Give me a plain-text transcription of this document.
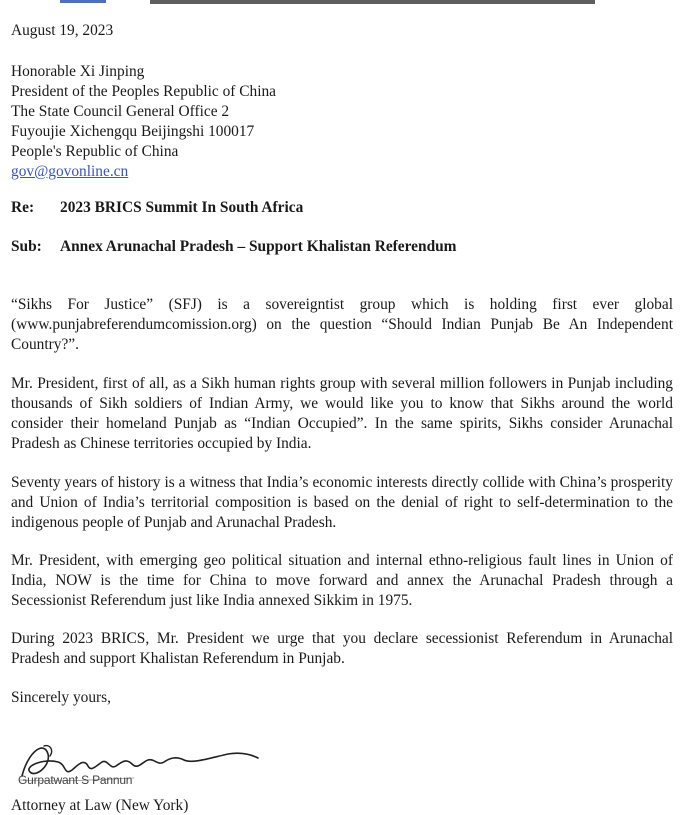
August 19, 2023
Honorable Xi Jinping
President of the Peoples Republic of China
The State Council General Office 2
Fuyoujie Xichengqu Beijingshi 100017
People's Republic of China
gov@govonline.cn
Re: 2023 BRICS Summit In South Africa
Sub: Annex Arunachal Pradesh – Support Khalistan Referendum
“Sikhs For Justice” (SFJ) is a sovereigntist group which is holding first ever global (www.punjabreferendumcomission.org) on the question “Should Indian Punjab Be An Independent Country?”.
Mr. President, first of all, as a Sikh human rights group with several million followers in Punjab including thousands of Sikh soldiers of Indian Army, we would like you to know that Sikhs around the world consider their homeland Punjab as “Indian Occupied”. In the same spirits, Sikhs consider Arunachal Pradesh as Chinese territories occupied by India.
Seventy years of history is a witness that India’s economic interests directly collide with China’s prosperity and Union of India’s territorial composition is based on the denial of right to self-determination to the indigenous people of Punjab and Arunachal Pradesh.
Mr. President, with emerging geo political situation and internal ethno-religious fault lines in Union of India, NOW is the time for China to move forward and annex the Arunachal Pradesh through a Secessionist Referendum just like India annexed Sikkim in 1975.
During 2023 BRICS, Mr. President we urge that you declare secessionist Referendum in Arunachal Pradesh and support Khalistan Referendum in Punjab.
Sincerely yours,
Gurpatwant S Pannun
Attorney at Law (New York)
